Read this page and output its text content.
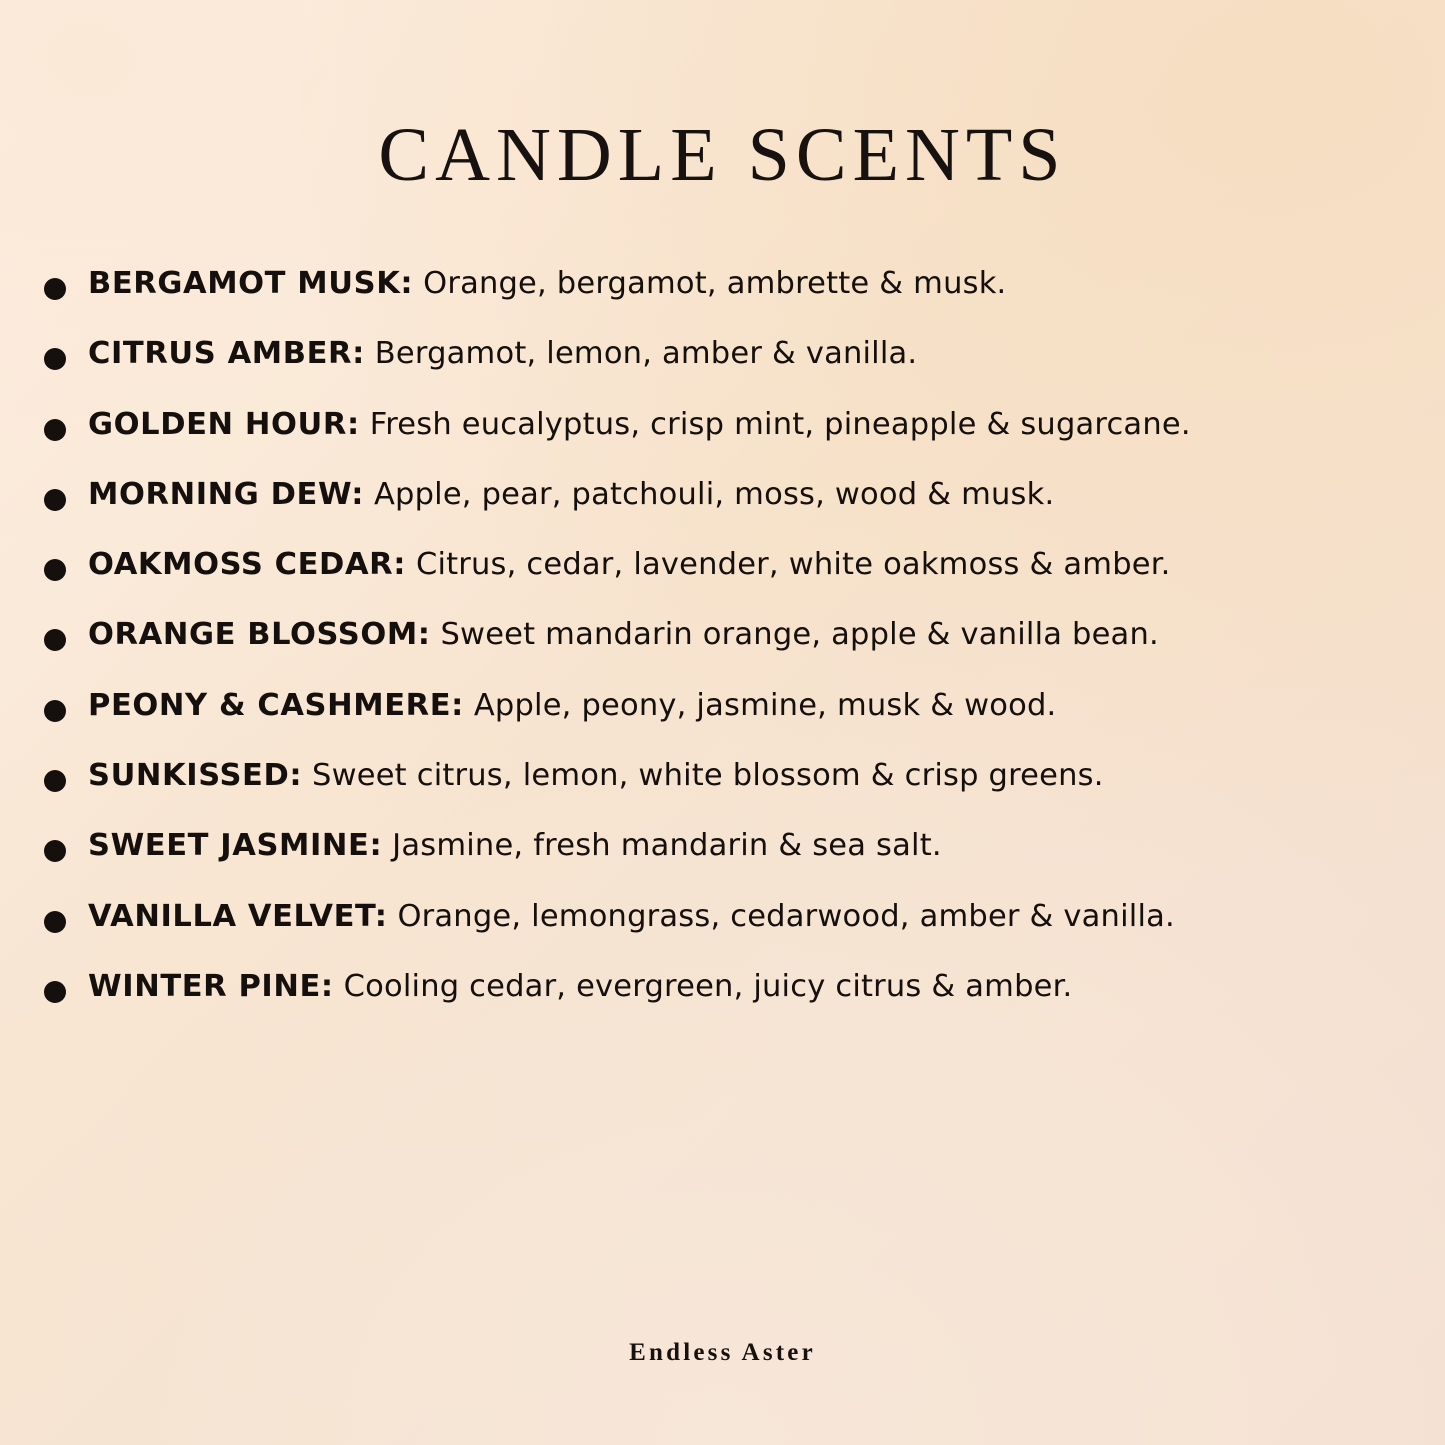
CANDLE SCENTS
BERGAMOT MUSK: Orange, bergamot, ambrette & musk.
CITRUS AMBER: Bergamot, lemon, amber & vanilla.
GOLDEN HOUR: Fresh eucalyptus, crisp mint, pineapple & sugarcane.
MORNING DEW: Apple, pear, patchouli, moss, wood & musk.
OAKMOSS CEDAR: Citrus, cedar, lavender, white oakmoss & amber.
ORANGE BLOSSOM: Sweet mandarin orange, apple & vanilla bean.
PEONY & CASHMERE: Apple, peony, jasmine, musk & wood.
SUNKISSED: Sweet citrus, lemon, white blossom & crisp greens.
SWEET JASMINE: Jasmine, fresh mandarin & sea salt.
VANILLA VELVET: Orange, lemongrass, cedarwood, amber & vanilla.
WINTER PINE: Cooling cedar, evergreen, juicy citrus & amber.
Endless Aster
